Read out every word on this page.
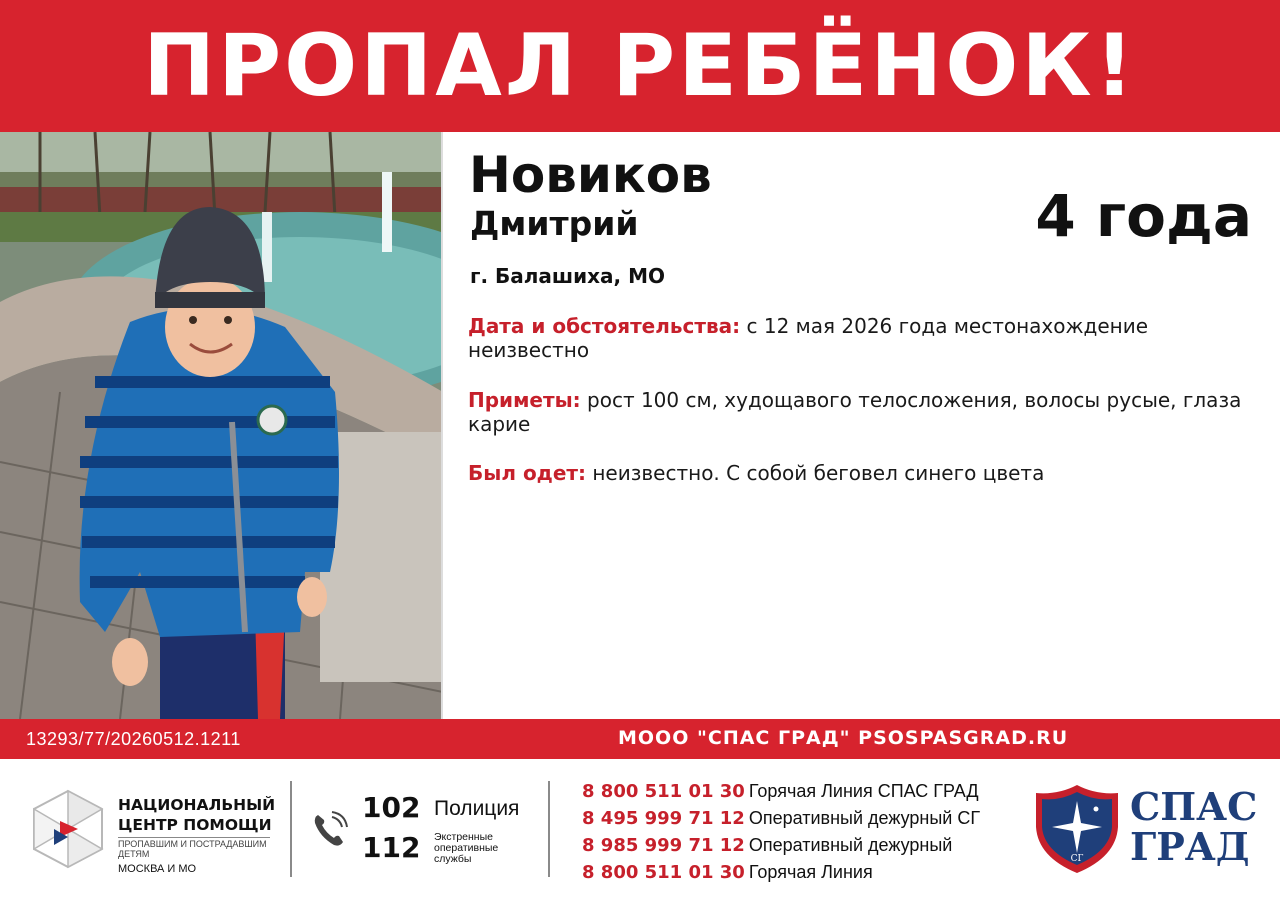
ПРОПАЛ РЕБЁНОК!
Новиков
Дмитрий	4 года
г. Балашиха, МО
Дата и обстоятельства: с 12 мая 2026 года местонахождение неизвестно
Приметы: рост 100 см, худощавого телосложения, волосы русые, глаза карие
Был одет: неизвестно. С собой беговел синего цвета
13293/77/20260512.1211	МООО "СПАС ГРАД" PSOSPASGRAD.RU
НАЦИОНАЛЬНЫЙ
ЦЕНТР ПОМОЩИ
ПРОПАВШИМ И ПОСТРАДАВШИМ ДЕТЯМ
МОСКВА И МО
102 Полиция
112 Экстренные оперативные службы
8 800 511 01 30 Горячая Линия СПАС ГРАД
8 495 999 71 12 Оперативный дежурный СГ
8 985 999 71 12 Оперативный дежурный
8 800 511 01 30 Горячая Линия
СГ
СПАС
ГРАД
